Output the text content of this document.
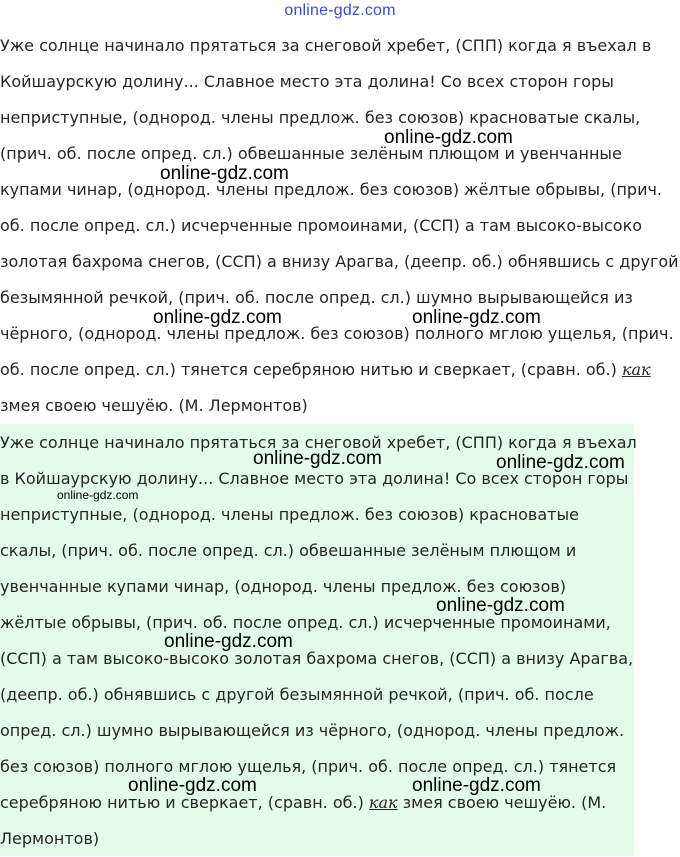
online-gdz.com
Уже солнце начинало прятаться за снеговой хребет, (СПП) когда я въехал в
Койшаурскую долину... Славное место эта долина! Со всех сторон горы
неприступные, (однород. члены предлож. без союзов) красноватые скалы,
(прич. об. после опред. сл.) обвешанные зелёным плющом и увенчанные
купами чинар, (однород. члены предлож. без союзов) жёлтые обрывы, (прич.
об. после опред. сл.) исчерченные промоинами, (ССП) а там высоко-высоко
золотая бахрома снегов, (ССП) а внизу Арагва, (деепр. об.) обнявшись с другой
безымянной речкой, (прич. об. после опред. сл.) шумно вырывающейся из
чёрного, (однород. члены предлож. без союзов) полного мглою ущелья, (прич.
об. после опред. сл.) тянется серебряною нитью и сверкает, (сравн. об.) как
змея своею чешуёю. (М. Лермонтов)
Уже солнце начинало прятаться за снеговой хребет, (СПП) когда я въехал
в Койшаурскую долину... Славное место эта долина! Со всех сторон горы
неприступные, (однород. члены предлож. без союзов) красноватые
скалы, (прич. об. после опред. сл.) обвешанные зелёным плющом и
увенчанные купами чинар, (однород. члены предлож. без союзов)
жёлтые обрывы, (прич. об. после опред. сл.) исчерченные промоинами,
(ССП) а там высоко-высоко золотая бахрома снегов, (ССП) а внизу Арагва,
(деепр. об.) обнявшись с другой безымянной речкой, (прич. об. после
опред. сл.) шумно вырывающейся из чёрного, (однород. члены предлож.
без союзов) полного мглою ущелья, (прич. об. после опред. сл.) тянется
серебряною нитью и сверкает, (сравн. об.) как змея своею чешуёю. (М.
Лермонтов)
online-gdz.com
online-gdz.com
online-gdz.com	online-gdz.com
online-gdz.com	online-gdz.com
online-gdz.com
online-gdz.com
online-gdz.com
online-gdz.com	online-gdz.com
